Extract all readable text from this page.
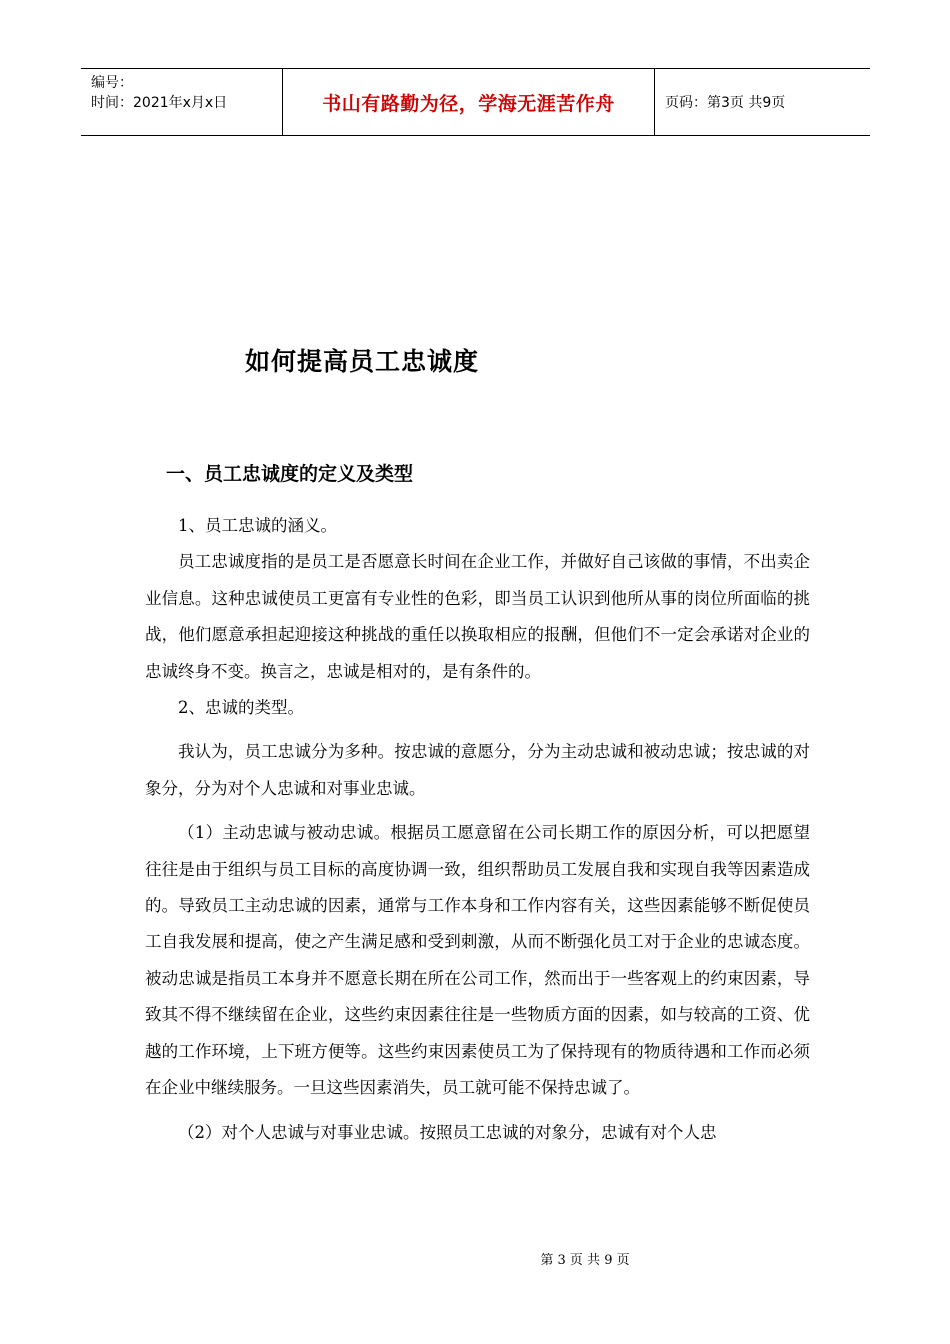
编号：
时间：2021年x月x日	书山有路勤为径，学海无涯苦作舟	页码：第3页 共9页
如何提高员工忠诚度
一、员工忠诚度的定义及类型

1、员工忠诚的涵义。

员工忠诚度指的是员工是否愿意长时间在企业工作，并做好自己该做的事情，不出卖企业信息。这种忠诚使员工更富有专业性的色彩，即当员工认识到他所从事的岗位所面临的挑战，他们愿意承担起迎接这种挑战的重任以换取相应的报酬，但他们不一定会承诺对企业的忠诚终身不变。换言之，忠诚是相对的，是有条件的。

2、忠诚的类型。

我认为，员工忠诚分为多种。按忠诚的意愿分，分为主动忠诚和被动忠诚；按忠诚的对象分，分为对个人忠诚和对事业忠诚。

（1）主动忠诚与被动忠诚。根据员工愿意留在公司长期工作的原因分析，可以把愿望往往是由于组织与员工目标的高度协调一致，组织帮助员工发展自我和实现自我等因素造成的。导致员工主动忠诚的因素，通常与工作本身和工作内容有关，这些因素能够不断促使员工自我发展和提高，使之产生满足感和受到刺激，从而不断强化员工对于企业的忠诚态度。被动忠诚是指员工本身并不愿意长期在所在公司工作，然而出于一些客观上的约束因素，导致其不得不继续留在企业，这些约束因素往往是一些物质方面的因素，如与较高的工资、优越的工作环境，上下班方便等。这些约束因素使员工为了保持现有的物质待遇和工作而必须在企业中继续服务。一旦这些因素消失，员工就可能不保持忠诚了。

（2）对个人忠诚与对事业忠诚。按照员工忠诚的对象分，忠诚有对个人忠

第 3 页 共 9 页
